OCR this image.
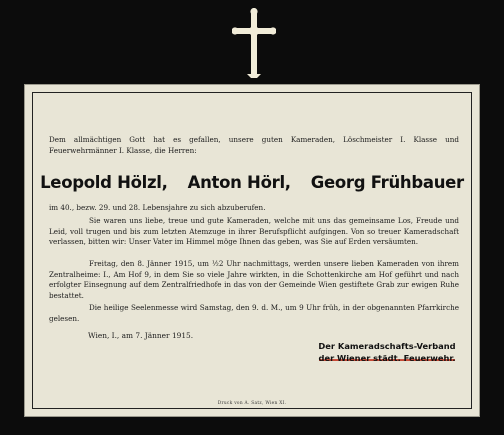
Dem allmächtigen Gott hat es gefallen, unsere guten Kameraden, Löschmeister I. Klasse und Feuerwehrmänner I. Klasse, die Herren:
Leopold Hölzl, Anton Hörl, Georg Frühbauer
im 40., bezw. 29. und 28. Lebensjahre zu sich abzuberufen.
Sie waren uns liebe, treue und gute Kameraden, welche mit uns das gemeinsame Los, Freude und Leid, voll trugen und bis zum letzten Atemzuge in ihrer Berufspflicht aufgingen. Von so treuer Kameradschaft verlassen, bitten wir: Unser Vater im Himmel möge Ihnen das geben, was Sie auf Erden versäumten.
Freitag, den 8. Jänner 1915, um ½2 Uhr nachmittags, werden unsere lieben Kameraden von ihrem Zentralheime: I., Am Hof 9, in dem Sie so viele Jahre wirkten, in die Schottenkirche am Hof geführt und nach erfolgter Einsegnung auf dem Zentralfriedhofe in das von der Gemeinde Wien gestiftete Grab zur ewigen Ruhe bestattet.
Die heilige Seelenmesse wird Samstag, den 9. d. M., um 9 Uhr früh, in der obgenannten Pfarrkirche gelesen.
Wien, I., am 7. Jänner 1915.
Der Kameradschafts-Verband
der Wiener städt. Feuerwehr.
Druck von A. Satz, Wien XI.
